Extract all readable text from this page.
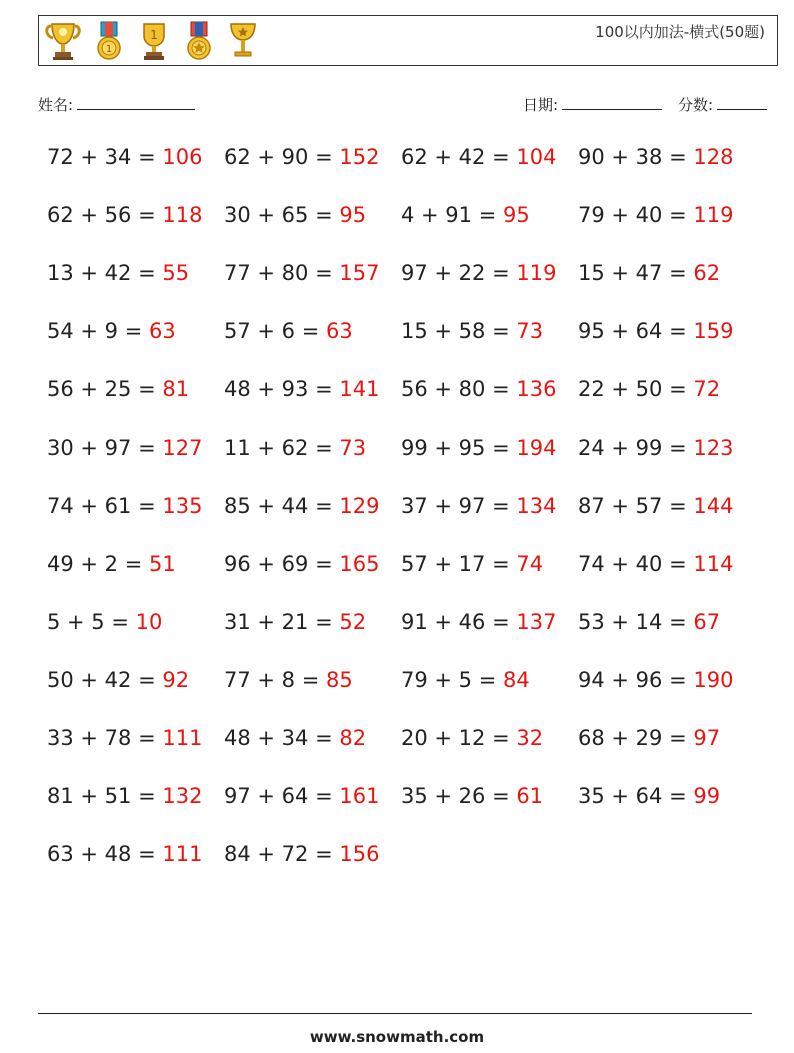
1
1	100以内加法-横式(50题)
姓名:	日期:	分数:
72 + 34 = 106 62 + 90 = 152 62 + 42 = 104 90 + 38 = 128
62 + 56 = 118 30 + 65 = 95 4 + 91 = 95 79 + 40 = 119
13 + 42 = 55 77 + 80 = 157 97 + 22 = 119 15 + 47 = 62
54 + 9 = 63 57 + 6 = 63 15 + 58 = 73 95 + 64 = 159
56 + 25 = 81 48 + 93 = 141 56 + 80 = 136 22 + 50 = 72
30 + 97 = 127 11 + 62 = 73 99 + 95 = 194 24 + 99 = 123
74 + 61 = 135 85 + 44 = 129 37 + 97 = 134 87 + 57 = 144
49 + 2 = 51 96 + 69 = 165 57 + 17 = 74 74 + 40 = 114
5 + 5 = 10	31 + 21 = 52 91 + 46 = 137 53 + 14 = 67
50 + 42 = 92 77 + 8 = 85 79 + 5 = 84 94 + 96 = 190
33 + 78 = 111 48 + 34 = 82 20 + 12 = 32 68 + 29 = 97
81 + 51 = 132 97 + 64 = 161 35 + 26 = 61 35 + 64 = 99
63 + 48 = 111 84 + 72 = 156
www.snowmath.com
